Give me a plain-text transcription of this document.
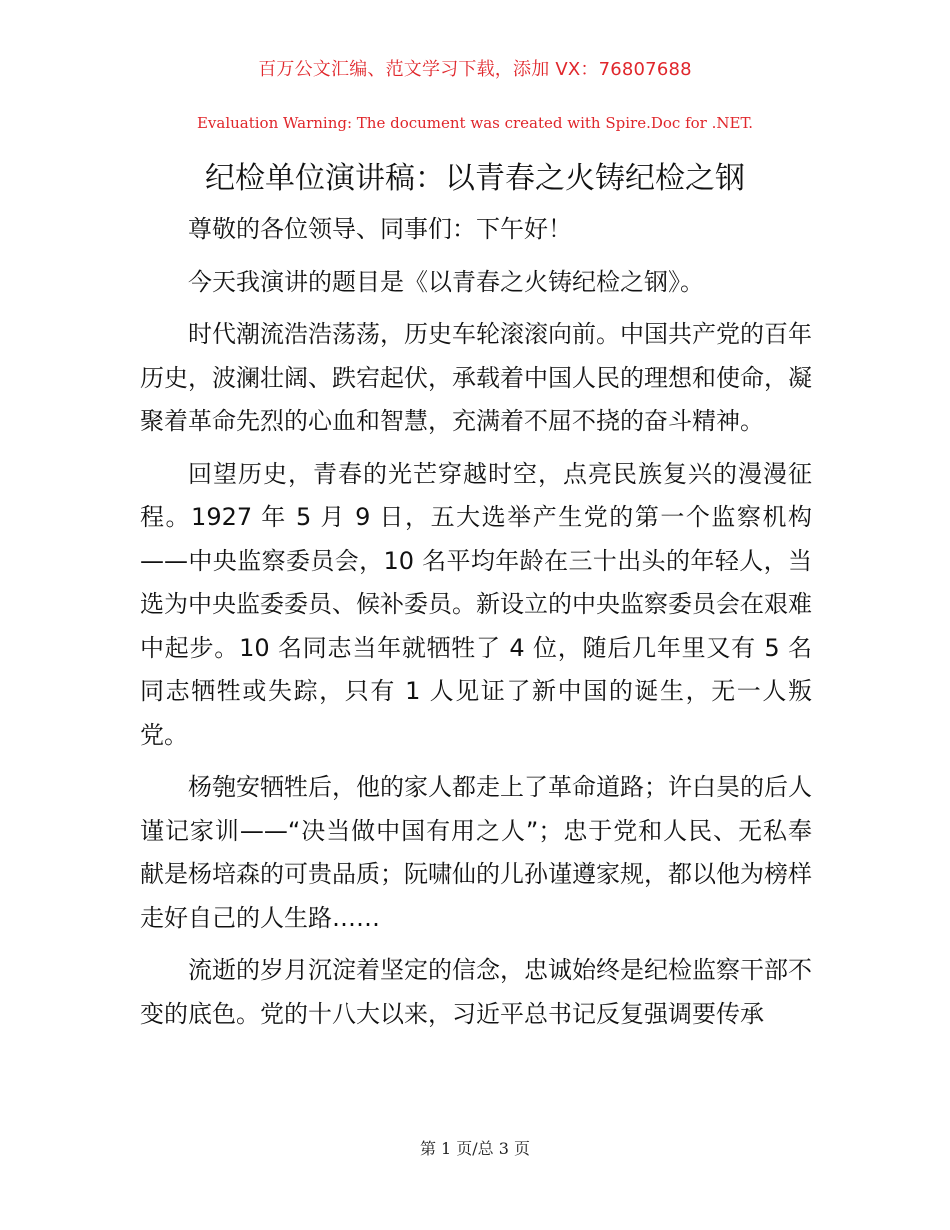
百万公文汇编、范文学习下载，添加 VX：76807688
Evaluation Warning: The document was created with Spire.Doc for .NET.
纪检单位演讲稿：以青春之火铸纪检之钢

尊敬的各位领导、同事们：下午好！

今天我演讲的题目是《以青春之火铸纪检之钢》。

时代潮流浩浩荡荡，历史车轮滚滚向前。中国共产党的百年历史，波澜壮阔、跌宕起伏，承载着中国人民的理想和使命，凝聚着革命先烈的心血和智慧，充满着不屈不挠的奋斗精神。

回望历史，青春的光芒穿越时空，点亮民族复兴的漫漫征程。1927 年 5 月 9 日，五大选举产生党的第一个监察机构——中央监察委员会，10 名平均年龄在三十出头的年轻人，当选为中央监委委员、候补委员。新设立的中央监察委员会在艰难中起步。10 名同志当年就牺牲了 4 位，随后几年里又有 5 名同志牺牲或失踪，只有 1 人见证了新中国的诞生，无一人叛党。

杨匏安牺牲后，他的家人都走上了革命道路；许白昊的后人谨记家训——“决当做中国有用之人”；忠于党和人民、无私奉献是杨培森的可贵品质；阮啸仙的儿孙谨遵家规，都以他为榜样走好自己的人生路……

流逝的岁月沉淀着坚定的信念，忠诚始终是纪检监察干部不变的底色。党的十八大以来，习近平总书记反复强调要传承

第 1 页/总 3 页
